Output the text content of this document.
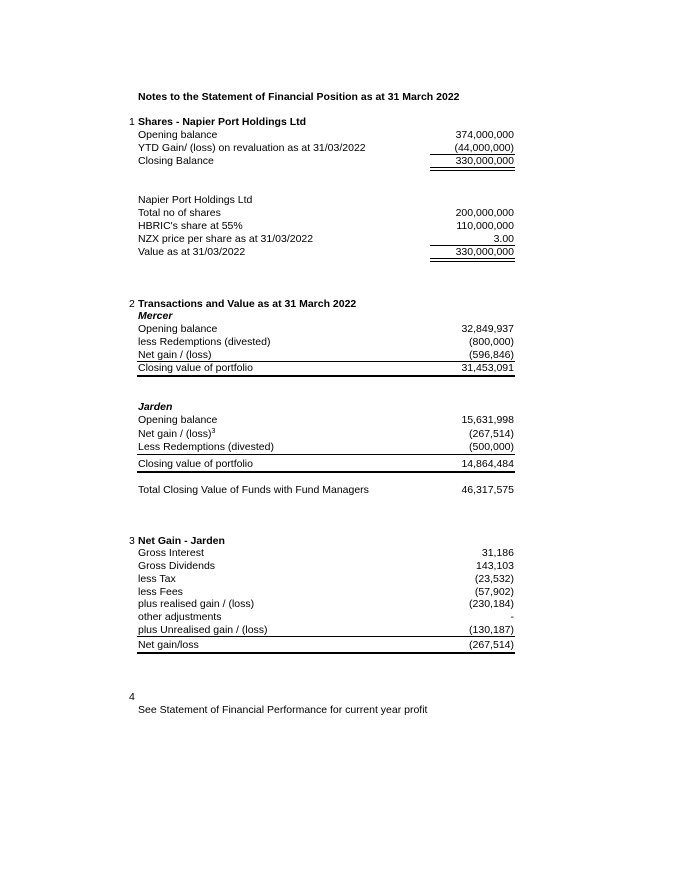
Notes to the Statement of Financial Position as at 31 March 2022
1 Shares - Napier Port Holdings Ltd
Opening balance	374,000,000
YTD Gain/ (loss) on revaluation as at 31/03/2022	(44,000,000)
Closing Balance	330,000,000
Napier Port Holdings Ltd
Total no of shares	200,000,000
HBRIC's share at 55%	110,000,000
NZX price per share as at 31/03/2022	3.00
Value as at 31/03/2022	330,000,000
2 Transactions and Value as at 31 March 2022
Mercer
Opening balance	32,849,937
less Redemptions (divested)	(800,000)
Net gain / (loss)	(596,846)
Closing value of portfolio	31,453,091
Jarden
Opening balance	15,631,998
Net gain / (loss)$^3$	(267,514)
Less Redemptions (divested)	(500,000)
Closing value of portfolio	14,864,484
Total Closing Value of Funds with Fund Managers	46,317,575
3 Net Gain - Jarden
Gross Interest	31,186
Gross Dividends	143,103
less Tax	(23,532)
less Fees	(57,902)
plus realised gain / (loss)	(230,184)
other adjustments	-
plus Unrealised gain / (loss)	(130,187)
Net gain/loss	(267,514)
4
See Statement of Financial Performance for current year profit
